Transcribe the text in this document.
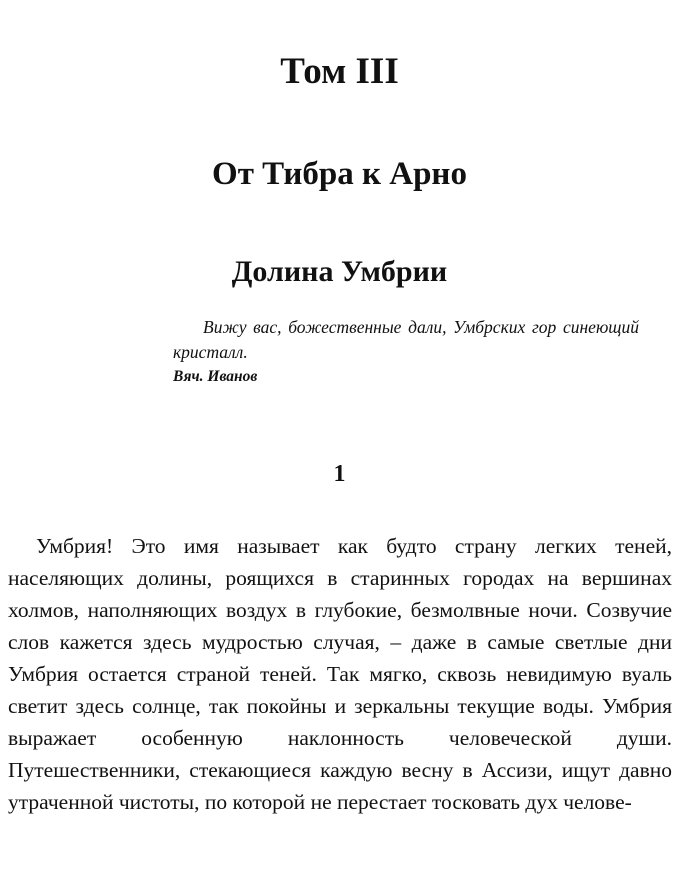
Том III
От Тибра к Арно
Долина Умбрии

Вижу вас, божественные дали, Умбрских гор синеющий кристалл.

Вяч. Иванов

1

Умбрия! Это имя называет как будто страну легких теней, населяющих долины, роящихся в старинных городах на вершинах холмов, наполняющих воздух в глубокие, безмолвные ночи. Созвучие слов кажется здесь мудростью случая, – даже в самые светлые дни Умбрия остается страной теней. Так мягко, сквозь невидимую вуаль светит здесь солнце, так покойны и зеркальны текущие воды. Умбрия выражает особенную наклонность человеческой души. Путешественники, стекающиеся каждую весну в Ассизи, ищут давно утраченной чистоты, по которой не перестает тосковать дух челове-
